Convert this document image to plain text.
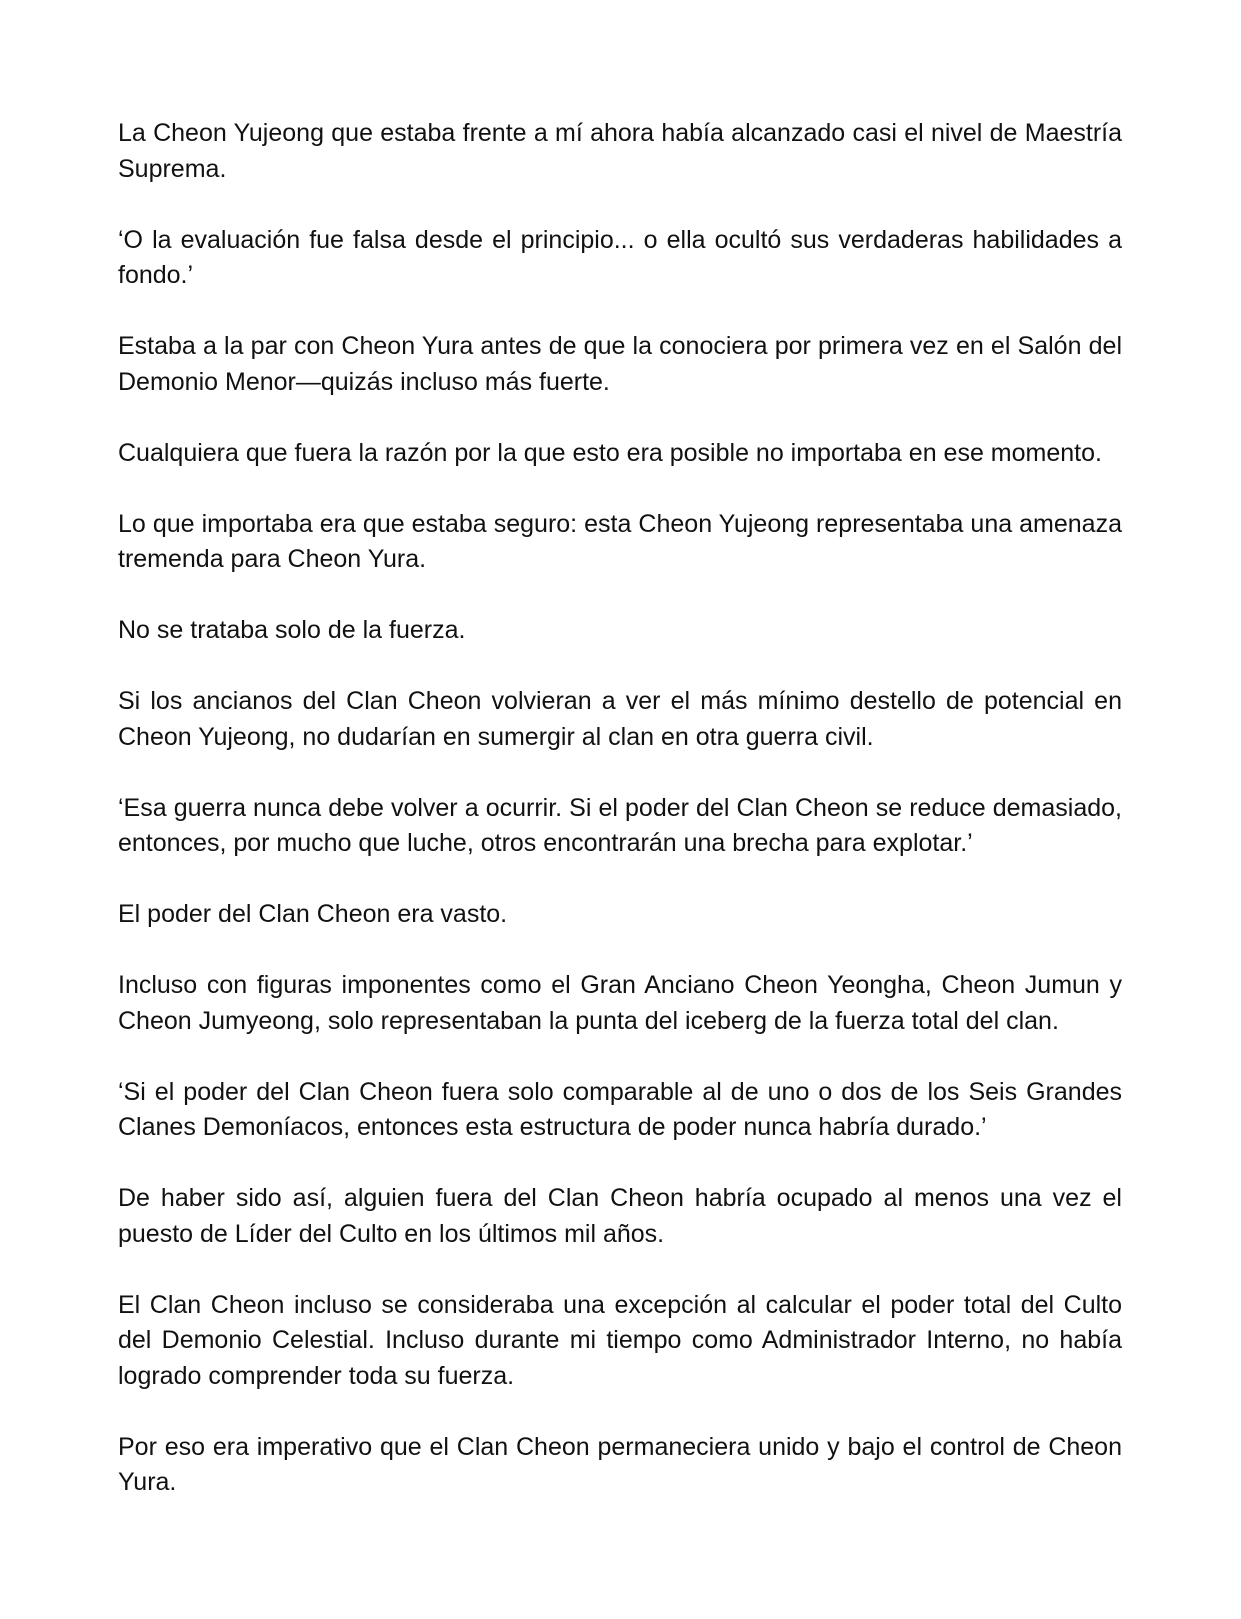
La Cheon Yujeong que estaba frente a mí ahora había alcanzado casi el nivel de Maestría Suprema.

‘O la evaluación fue falsa desde el principio... o ella ocultó sus verdaderas habilidades a fondo.’

Estaba a la par con Cheon Yura antes de que la conociera por primera vez en el Salón del Demonio Menor—quizás incluso más fuerte.

Cualquiera que fuera la razón por la que esto era posible no importaba en ese momento.

Lo que importaba era que estaba seguro: esta Cheon Yujeong representaba una amenaza tremenda para Cheon Yura.

No se trataba solo de la fuerza.

Si los ancianos del Clan Cheon volvieran a ver el más mínimo destello de potencial en Cheon Yujeong, no dudarían en sumergir al clan en otra guerra civil.

‘Esa guerra nunca debe volver a ocurrir. Si el poder del Clan Cheon se reduce demasiado, entonces, por mucho que luche, otros encontrarán una brecha para explotar.’

El poder del Clan Cheon era vasto.

Incluso con figuras imponentes como el Gran Anciano Cheon Yeongha, Cheon Jumun y Cheon Jumyeong, solo representaban la punta del iceberg de la fuerza total del clan.

‘Si el poder del Clan Cheon fuera solo comparable al de uno o dos de los Seis Grandes Clanes Demoníacos, entonces esta estructura de poder nunca habría durado.’

De haber sido así, alguien fuera del Clan Cheon habría ocupado al menos una vez el puesto de Líder del Culto en los últimos mil años.

El Clan Cheon incluso se consideraba una excepción al calcular el poder total del Culto del Demonio Celestial. Incluso durante mi tiempo como Administrador Interno, no había logrado comprender toda su fuerza.

Por eso era imperativo que el Clan Cheon permaneciera unido y bajo el control de Cheon Yura.
